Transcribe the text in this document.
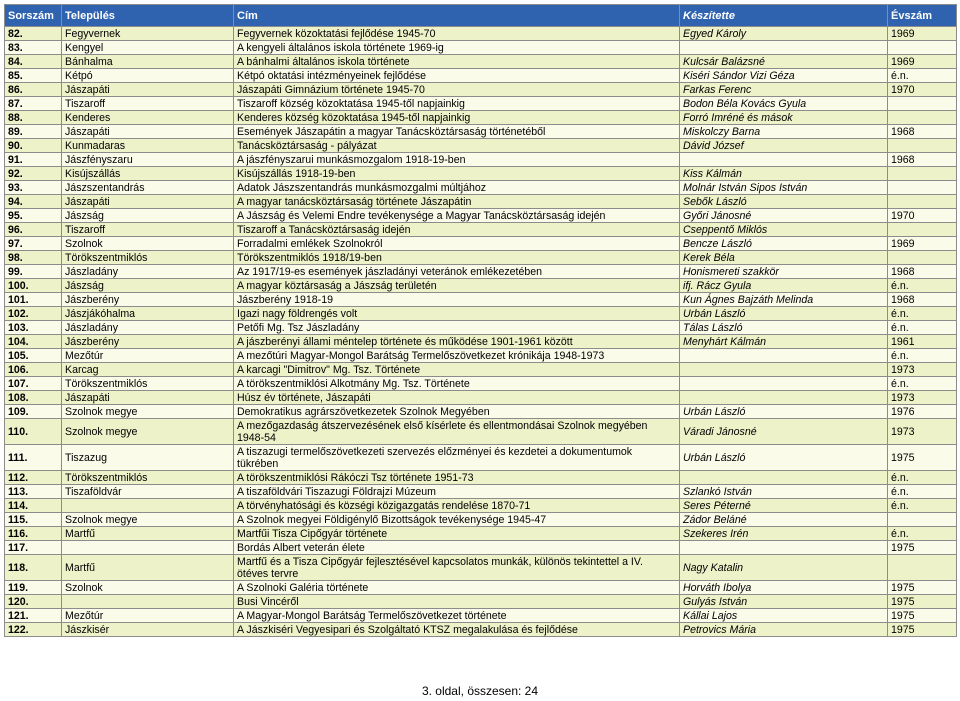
Sorszám	Település	Cím	Készítette	Évszám
82.	Fegyvernek	Fegyvernek közoktatási fejlődése 1945-70	Egyed Károly	1969
83.	Kengyel	A kengyeli általános iskola története 1969-ig		
84.	Bánhalma	A bánhalmi általános iskola története	Kulcsár Balázsné	1969
85.	Kétpó	Kétpó oktatási intézményeinek fejlődése	Kiséri Sándor Vizi Géza	é.n.
86.	Jászapáti	Jászapáti Gimnázium története 1945-70	Farkas Ferenc	1970
87.	Tiszaroff	Tiszaroff község közoktatása 1945-től napjainkig	Bodon Béla Kovács Gyula	
88.	Kenderes	Kenderes község közoktatása 1945-től napjainkig	Forró Imréné és mások	
89.	Jászapáti	Események Jászapátin a magyar Tanácsköztársaság történetéből	Miskolczy Barna	1968
90.	Kunmadaras	Tanácsköztársaság - pályázat	Dávid József	
91.	Jászfényszaru	A jászfényszarui munkásmozgalom 1918-19-ben		1968
92.	Kisújszállás	Kisújszállás 1918-19-ben	Kiss Kálmán	
93.	Jászszentandrás	Adatok Jászszentandrás munkásmozgalmi múltjához	Molnár István Sipos István	
94.	Jászapáti	A magyar tanácsköztársaság története Jászapátin	Sebők László	
95.	Jászság	A Jászság és Velemi Endre tevékenysége a Magyar Tanácsköztársaság idején	Győri Jánosné	1970
96.	Tiszaroff	Tiszaroff a Tanácsköztársaság idején	Cseppentő Miklós	
97.	Szolnok	Forradalmi emlékek Szolnokról	Bencze László	1969
98.	Törökszentmiklós	Törökszentmiklós 1918/19-ben	Kerek Béla	
99.	Jászladány	Az 1917/19-es események jászladányi veteránok emlékezetében	Honismereti szakkör	1968
100.	Jászság	A magyar köztársaság a Jászság területén	ifj. Rácz Gyula	é.n.
101.	Jászberény	Jászberény 1918-19	Kun Ágnes Bajzáth Melinda	1968
102.	Jászjákóhalma	Igazi nagy földrengés volt	Urbán László	é.n.
103.	Jászladány	Petőfi Mg. Tsz Jászladány	Tálas László	é.n.
104.	Jászberény	A jászberényi állami méntelep története és működése 1901-1961 között	Menyhárt Kálmán	1961
105.	Mezőtúr	A mezőtúri Magyar-Mongol Barátság Termelőszövetkezet krónikája 1948-1973		é.n.
106.	Karcag	A karcagi "Dimitrov" Mg. Tsz. Története		1973
107.	Törökszentmiklós	A törökszentmiklósi Alkotmány Mg. Tsz. Története		é.n.
108.	Jászapáti	Húsz év története, Jászapáti		1973
109.	Szolnok megye	Demokratikus agrárszövetkezetek Szolnok Megyében	Urbán László	1976
110.	Szolnok megye	A mezőgazdaság átszervezésének első kísérlete és ellentmondásai Szolnok megyében 1948-54	Váradi Jánosné	1973
111.	Tiszazug	A tiszazugi termelőszövetkezeti szervezés előzményei és kezdetei a dokumentumok tükrében	Urbán László	1975
112.	Törökszentmiklós	A törökszentmiklósi Rákóczi Tsz története 1951-73		é.n.
113.	Tiszaföldvár	A tiszaföldvári Tiszazugi Földrajzi Múzeum	Szlankó István	é.n.
114.		A törvényhatósági és községi közigazgatás rendelése 1870-71	Seres Péterné	é.n.
115.	Szolnok megye	A Szolnok megyei Földigénylő Bizottságok tevékenysége 1945-47	Zádor Beláné	
116.	Martfű	Martfűi Tisza Cipőgyár története	Szekeres Irén	é.n.
117.		Bordás Albert veterán élete		1975
118.	Martfű	Martfű és a Tisza Cipőgyár fejlesztésével kapcsolatos munkák, különös tekintettel a IV. ötéves tervre	Nagy Katalin	
119.	Szolnok	A Szolnoki Galéria története	Horváth Ibolya	1975
120.		Busi Vincéről	Gulyás István	1975
121.	Mezőtúr	A Magyar-Mongol Barátság Termelőszövetkezet története	Kállai Lajos	1975
122.	Jászkisér	A Jászkiséri Vegyesipari és Szolgáltató KTSZ megalakulása és fejlődése	Petrovics Mária	1975
3. oldal, összesen: 24
